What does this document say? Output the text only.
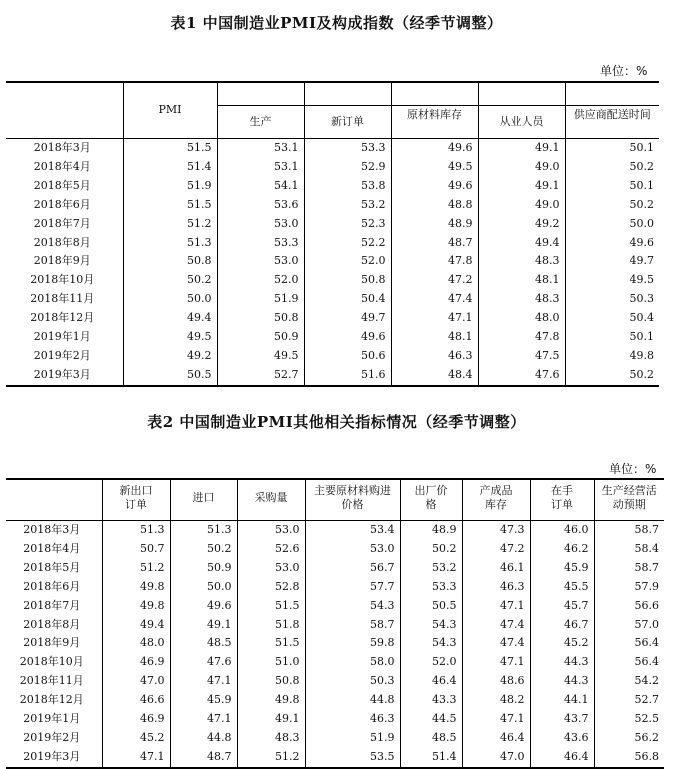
表1 中国制造业PMI及构成指数（经季节调整）
单位：%

	PMI					

		生产	新订单	原材料库存	从业人员	供应商配送时间

2018年3月	51.5	53.1	53.3	49.6	49.1	50.1
2018年4月	51.4	53.1	52.9	49.5	49.0	50.2
2018年5月	51.9	54.1	53.8	49.6	49.1	50.1
2018年6月	51.5	53.6	53.2	48.8	49.0	50.2
2018年7月	51.2	53.0	52.3	48.9	49.2	50.0
2018年8月	51.3	53.3	52.2	48.7	49.4	49.6
2018年9月	50.8	53.0	52.0	47.8	48.3	49.7
2018年10月	50.2	52.0	50.8	47.2	48.1	49.5
2018年11月	50.0	51.9	50.4	47.4	48.3	50.3
2018年12月	49.4	50.8	49.7	47.1	48.0	50.4
2019年1月	49.5	50.9	49.6	48.1	47.8	50.1
2019年2月	49.2	49.5	50.6	46.3	47.5	49.8
2019年3月	50.5	52.7	51.6	48.4	47.6	50.2
表2 中国制造业PMI其他相关指标情况（经季节调整）
单位：%

	新出口订单	进口	采购量	主要原材料购进价格	出厂价格	产成品库存	在手订单	生产经营活动预期

2018年3月	51.3	51.3	53.0	53.4	48.9	47.3	46.0	58.7
2018年4月	50.7	50.2	52.6	53.0	50.2	47.2	46.2	58.4
2018年5月	51.2	50.9	53.0	56.7	53.2	46.1	45.9	58.7
2018年6月	49.8	50.0	52.8	57.7	53.3	46.3	45.5	57.9
2018年7月	49.8	49.6	51.5	54.3	50.5	47.1	45.7	56.6
2018年8月	49.4	49.1	51.8	58.7	54.3	47.4	46.7	57.0
2018年9月	48.0	48.5	51.5	59.8	54.3	47.4	45.2	56.4
2018年10月	46.9	47.6	51.0	58.0	52.0	47.1	44.3	56.4
2018年11月	47.0	47.1	50.8	50.3	46.4	48.6	44.3	54.2
2018年12月	46.6	45.9	49.8	44.8	43.3	48.2	44.1	52.7
2019年1月	46.9	47.1	49.1	46.3	44.5	47.1	43.7	52.5
2019年2月	45.2	44.8	48.3	51.9	48.5	46.4	43.6	56.2
2019年3月	47.1	48.7	51.2	53.5	51.4	47.0	46.4	56.8
